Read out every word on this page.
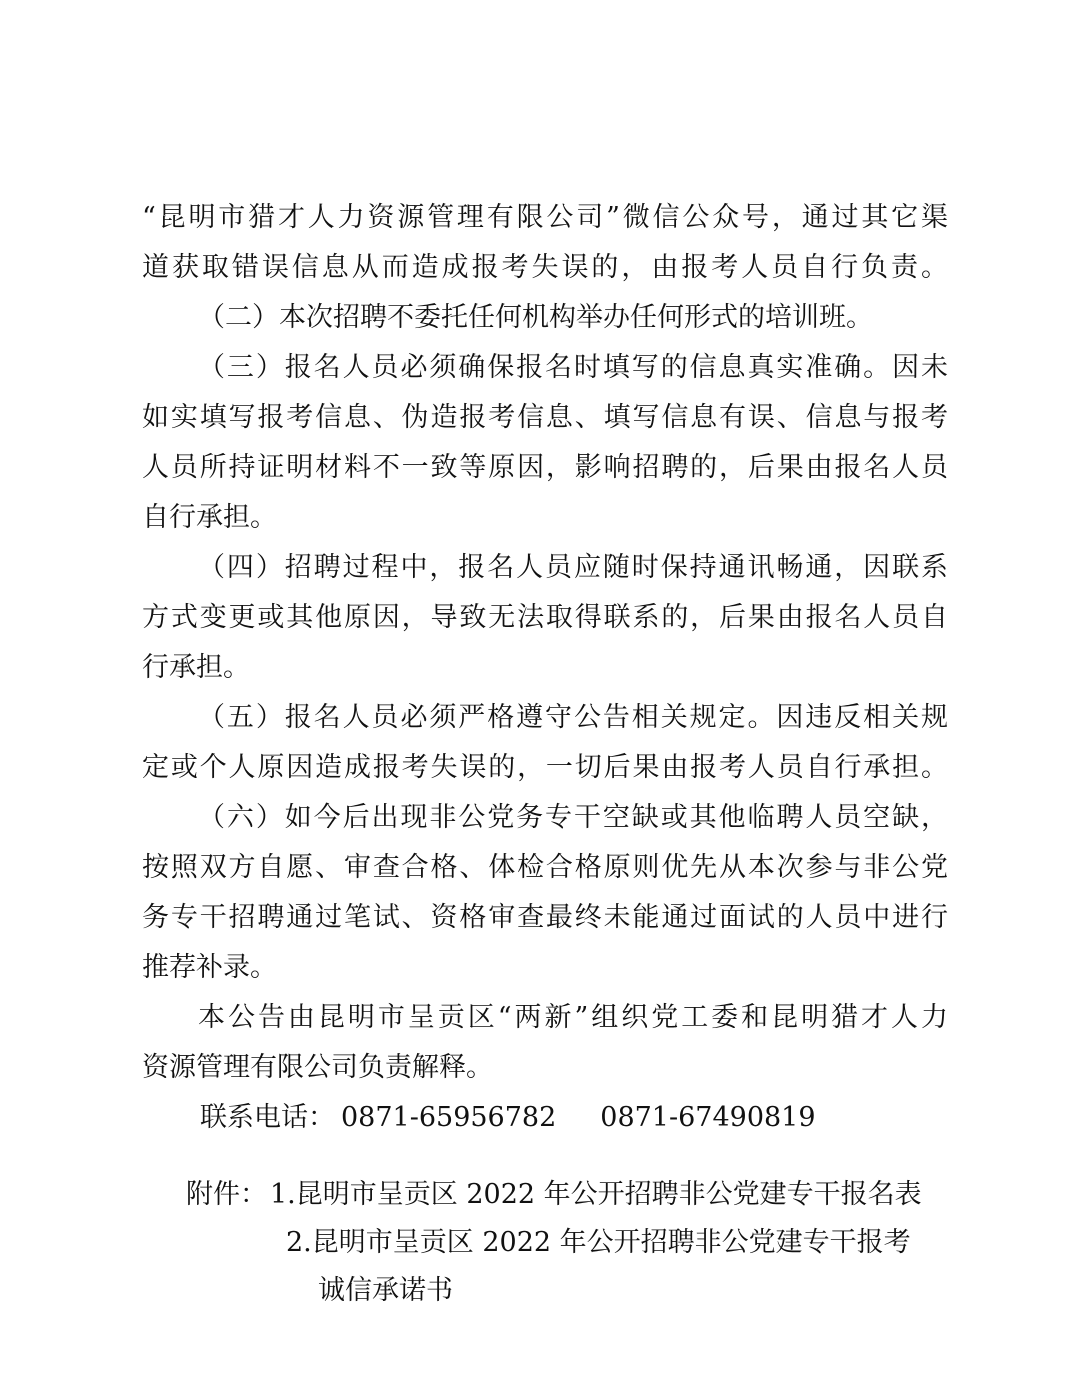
“昆明市猎才人力资源管理有限公司”微信公众号，通过其它渠
道获取错误信息从而造成报考失误的，由报考人员自行负责。
（二）本次招聘不委托任何机构举办任何形式的培训班。
（三）报名人员必须确保报名时填写的信息真实准确。因未
如实填写报考信息、伪造报考信息、填写信息有误、信息与报考
人员所持证明材料不一致等原因，影响招聘的，后果由报名人员
自行承担。
（四）招聘过程中，报名人员应随时保持通讯畅通，因联系
方式变更或其他原因，导致无法取得联系的，后果由报名人员自
行承担。
（五）报名人员必须严格遵守公告相关规定。因违反相关规
定或个人原因造成报考失误的，一切后果由报考人员自行承担。
（六）如今后出现非公党务专干空缺或其他临聘人员空缺，
按照双方自愿、审查合格、体检合格原则优先从本次参与非公党
务专干招聘通过笔试、资格审查最终未能通过面试的人员中进行
推荐补录。
本公告由昆明市呈贡区“两新”组织党工委和昆明猎才人力
资源管理有限公司负责解释。
联系电话： 0871-65956782 0871-67490819
附件： 1.昆明市呈贡区 2022 年公开招聘非公党建专干报名表
2.昆明市呈贡区 2022 年公开招聘非公党建专干报考
诚信承诺书
